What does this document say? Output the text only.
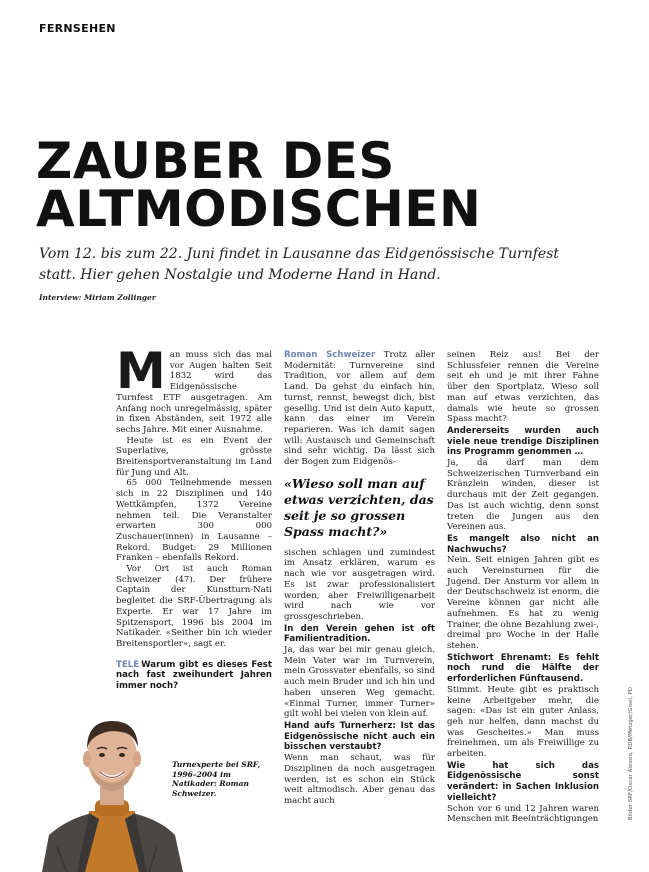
FERNSEHEN
ZAUBER DES
ALTMODISCHEN
Vom 12. bis zum 22. Juni findet in Lausanne das Eidgenössische Turnfest statt. Hier gehen Nostalgie und Moderne Hand in Hand.
Interview: Miriam Zollinger

Man muss sich das mal vor Augen halten Seit 1832 wird das Eidgenössische Turnfest ETF ausgetragen. Am Anfang noch unregelmässig, später in fixen Abständen, seit 1972 alle sechs Jahre. Mit einer Ausnahme.

Heute ist es ein Event der Superlative, grösste Breitensportveranstaltung im Land für Jung und Alt.

65 000 Teilnehmende messen sich in 22 Disziplinen und 140 Wettkämpfen, 1372 Vereine nehmen teil. Die Veranstalter erwarten 300 000 Zuschauer(innen) in Lausanne – Rekord. Budget: 29 Millionen Franken – ebenfalls Rekord.

Vor Ort ist auch Roman Schweizer (47). Der frühere Captain der Kunstturn-Nati begleitet die SRF-Übertragung als Experte. Er war 17 Jahre im Spitzensport, 1996 bis 2004 im Natikader. «Seither bin ich wieder Breitensportler», sagt er.

TELE Warum gibt es dieses Fest nach fast zweihundert Jahren immer noch?

Roman Schweizer Trotz aller Modernität: Turnvereine sind Tradition, vor allem auf dem Land. Da gehst du einfach hin, turnst, rennst, bewegst dich, bist gesellig. Und ist dein Auto kaputt, kann das einer im Verein reparieren. Was ich damit sagen will: Austausch und Gemeinschaft sind sehr wichtig. Da lässt sich der Bogen zum Eidgenös-

«Wieso soll man auf etwas verzichten, das seit je so grossen Spass macht?»

sischen schlagen und zumindest im Ansatz erklären, warum es nach wie vor ausgetragen wird. Es ist zwar professionalisiert worden, aber Freiwilligenarbeit wird nach wie vor grossgeschrieben.

In den Verein gehen ist oft Familientradition.

Ja, das war bei mir genau gleich. Mein Vater war im Turnverein, mein Grossvater ebenfalls, so sind auch mein Bruder und ich hin und haben unseren Weg gemacht. «Einmal Turner, immer Turner» gilt wohl bei vielen von klein auf.

Hand aufs Turnerherz: Ist das Eidgenössische nicht auch ein bisschen verstaubt?

Wenn man schaut, was für Disziplinen da noch ausgetragen werden, ist es schon ein Stück weit altmodisch. Aber genau das macht auch

seinen Reiz aus! Bei der Schlussfeier rennen die Vereine seit eh und je mit ihrer Fahne über den Sportplatz. Wieso soll man auf etwas verzichten, das damals wie heute so grossen Spass macht?

Andererseits wurden auch viele neue trendige Disziplinen ins Programm genommen …

Ja, da darf man dem Schweizerischen Turnverband ein Kränzlein winden, dieser ist durchaus mit der Zeit gegangen. Das ist auch wichtig, denn sonst treten die Jungen aus den Vereinen aus.

Es mangelt also nicht an Nachwuchs?

Nein. Seit einigen Jahren gibt es auch Vereinsturnen für die Jugend. Der Ansturm vor allem in der Deutschschweiz ist enorm, die Vereine können gar nicht alle aufnehmen. Es hat zu wenig Trainer, die ohne Bezahlung zwei-, dreimal pro Woche in der Halle stehen.

Stichwort Ehrenamt: Es fehlt noch rund die Hälfte der erforderlichen Fünftausend.

Stimmt. Heute gibt es praktisch keine Arbeitgeber mehr, die sagen: «Das ist ein guter Anlass, geh nur helfen, dann machst du was Gescheites.» Man muss freinehmen, um als Freiwillige zu arbeiten.

Wie hat sich das Eidgenössische sonst verändert: in Sachen Inklusion vielleicht?

Schon vor 6 und 12 Jahren waren Menschen mit Beeinträchtigungen

Turnexperte bei SRF, 1996–2004 im Natikader: Roman Schweizer.	Bilder SRF/Oscar Alessio, RDB/Metzger/Gisel, PD
